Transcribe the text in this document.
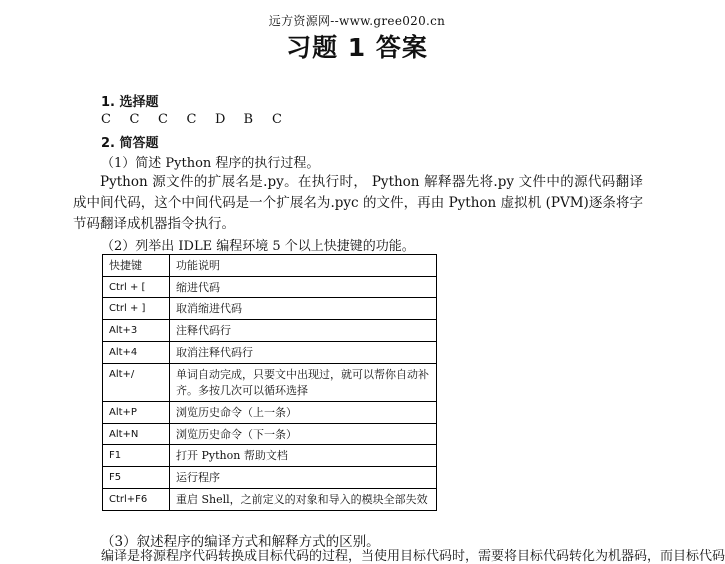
远方资源网--www.gree020.cn
习题 1 答案
1. 选择题
C C C C D B C
2. 简答题
（1）简述 Python 程序的执行过程。
Python 源文件的扩展名是.py。在执行时， Python 解释器先将.py 文件中的源代码翻译成中间代码，这个中间代码是一个扩展名为.pyc 的文件，再由 Python 虚拟机 (PVM)逐条将字节码翻译成机器指令执行。
（2）列举出 IDLE 编程环境 5 个以上快捷键的功能。
快捷键	功能说明
Ctrl + [	缩进代码
Ctrl + ]	取消缩进代码
Alt+3	注释代码行
Alt+4	取消注释代码行
Alt+/	单词自动完成，只要文中出现过，就可以帮你自动补齐。多按几次可以循环选择
Alt+P	浏览历史命令（上一条）
Alt+N	浏览历史命令（下一条）
F1	打开 Python 帮助文档
F5	运行程序
Ctrl+F6	重启 Shell，之前定义的对象和导入的模块全部失效
（3）叙述程序的编译方式和解释方式的区别。
编译是将源程序代码转换成目标代码的过程，当使用目标代码时，需要将目标代码转化为机器码，而目标代码
